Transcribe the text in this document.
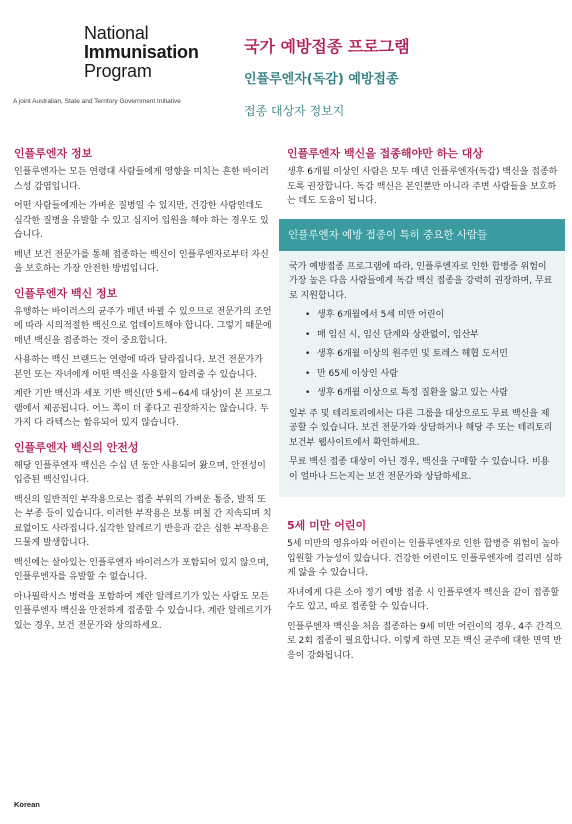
National
Immunisation
Program
A joint Australian, State and Territory Government Initiative
국가 예방접종 프로그램
인플루엔자(독감) 예방접종
접종 대상자 정보지
인플루엔자 정보

인플루엔자는 모든 연령대 사람들에게 영향을 미치는 흔한 바이러스성 감염입니다.

어떤 사람들에게는 가벼운 질병일 수 있지만, 건강한 사람인데도 심각한 질병을 유발할 수 있고 심지어 입원을 해야 하는 경우도 있습니다.

매년 보건 전문가를 통해 접종하는 백신이 인플루엔자로부터 자신을 보호하는 가장 안전한 방법입니다.

인플루엔자 백신 정보

유행하는 바이러스의 균주가 매년 바뀔 수 있으므로 전문가의 조언에 따라 시의적절한 백신으로 업데이트해야 합니다. 그렇기 때문에 매년 백신을 접종하는 것이 중요합니다.

사용하는 백신 브랜드는 연령에 따라 달라집니다. 보건 전문가가 본인 또는 자녀에게 어떤 백신을 사용할지 알려줄 수 있습니다.

계란 기반 백신과 세포 기반 백신(만 5세~64세 대상)이 본 프로그램에서 제공됩니다. 어느 쪽이 더 좋다고 권장하지는 않습니다. 두 가지 다 라텍스는 함유되어 있지 않습니다.

인플루엔자 백신의 안전성

해당 인플루엔자 백신은 수십 년 동안 사용되어 왔으며, 안전성이 입증된 백신입니다.

백신의 일반적인 부작용으로는 접종 부위의 가벼운 통증, 발적 또는 부종 등이 있습니다. 이러한 부작용은 보통 며칠 간 지속되며 치료없이도 사라집니다.심각한 알레르기 반응과 같은 심한 부작용은 드물게 발생합니다.

백신에는 살아있는 인플루엔자 바이러스가 포함되어 있지 않으며, 인플루엔자를 유발할 수 없습니다.

아나필락시스 병력을 포함하여 계란 알레르기가 있는 사람도 모든 인플루엔자 백신을 안전하게 접종할 수 있습니다. 계란 알레르기가 있는 경우, 보건 전문가와 상의하세요.

인플루엔자 백신을 접종해야만 하는 대상

생후 6개월 이상인 사람은 모두 매년 인플루엔자(독감) 백신을 접종하도록 권장합니다. 독감 백신은 본인뿐만 아니라 주변 사람들을 보호하는 데도 도움이 됩니다.

인플루엔자 예방 접종이 특히 중요한 사람들

국가 예방접종 프로그램에 따라, 인플루엔자로 인한 합병증 위험이 가장 높은 다음 사람들에게 독감 백신 접종을 강력히 권장하며, 무료로 지원합니다.

• 생후 6개월에서 5세 미만 어린이
• 매 임신 시, 임신 단계와 상관없이, 임산부
• 생후 6개월 이상의 원주민 및 토레스 해협 도서민
• 만 65세 이상인 사람
• 생후 6개월 이상으로 특정 질환을 앓고 있는 사람

일부 주 및 테리토리에서는 다른 그룹을 대상으로도 무료 백신을 제공할 수 있습니다. 보건 전문가와 상담하거나 해당 주 또는 테리토리 보건부 웹사이트에서 확인하세요.

무료 백신 접종 대상이 아닌 경우, 백신을 구매할 수 있습니다. 비용이 얼마나 드는지는 보건 전문가와 상담하세요.

5세 미만 어린이

5세 미만의 영유아와 어린이는 인플루엔자로 인한 합병증 위험이 높아 입원할 가능성이 있습니다. 건강한 어린이도 인플루엔자에 걸리면 심하게 앓을 수 있습니다.

자녀에게 다른 소아 정기 예방 접종 시 인플루엔자 백신을 같이 접종할 수도 있고, 따로 접종할 수 있습니다.

인플루엔자 백신을 처음 접종하는 9세 미만 어린이의 경우, 4주 간격으로 2회 접종이 필요합니다. 이렇게 하면 모든 백신 균주에 대한 면역 반응이 강화됩니다.

Korean
